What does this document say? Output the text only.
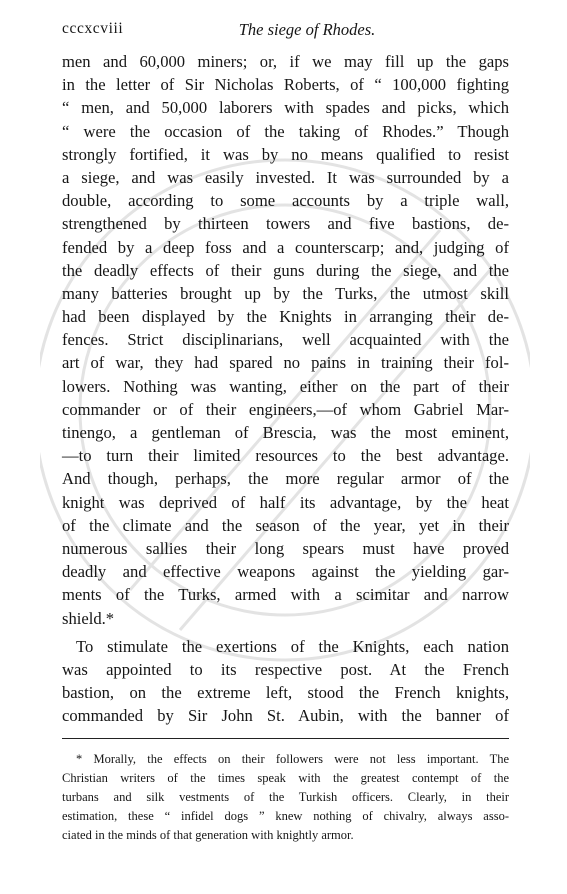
cccxcviii	The siege of Rhodes.
men and 60,000 miners; or, if we may fill up the gaps
in the letter of Sir Nicholas Roberts, of “ 100,000 fighting
“ men, and 50,000 laborers with spades and picks, which
“ were the occasion of the taking of Rhodes.” Though
strongly fortified, it was by no means qualified to resist
a siege, and was easily invested. It was surrounded by a
double, according to some accounts by a triple wall,
strengthened by thirteen towers and five bastions, de-
fended by a deep foss and a counterscarp; and, judging of
the deadly effects of their guns during the siege, and the
many batteries brought up by the Turks, the utmost skill
had been displayed by the Knights in arranging their de-
fences. Strict disciplinarians, well acquainted with the
art of war, they had spared no pains in training their fol-
lowers. Nothing was wanting, either on the part of their
commander or of their engineers,—of whom Gabriel Mar-
tinengo, a gentleman of Brescia, was the most eminent,
—to turn their limited resources to the best advantage.
And though, perhaps, the more regular armor of the
knight was deprived of half its advantage, by the heat
of the climate and the season of the year, yet in their
numerous sallies their long spears must have proved
deadly and effective weapons against the yielding gar-
ments of the Turks, armed with a scimitar and narrow
shield.*
To stimulate the exertions of the Knights, each nation
was appointed to its respective post. At the French
bastion, on the extreme left, stood the French knights,
commanded by Sir John St. Aubin, with the banner of
* Morally, the effects on their followers were not less important. The
Christian writers of the times speak with the greatest contempt of the
turbans and silk vestments of the Turkish officers. Clearly, in their
estimation, these “ infidel dogs ” knew nothing of chivalry, always asso-
ciated in the minds of that generation with knightly armor.
